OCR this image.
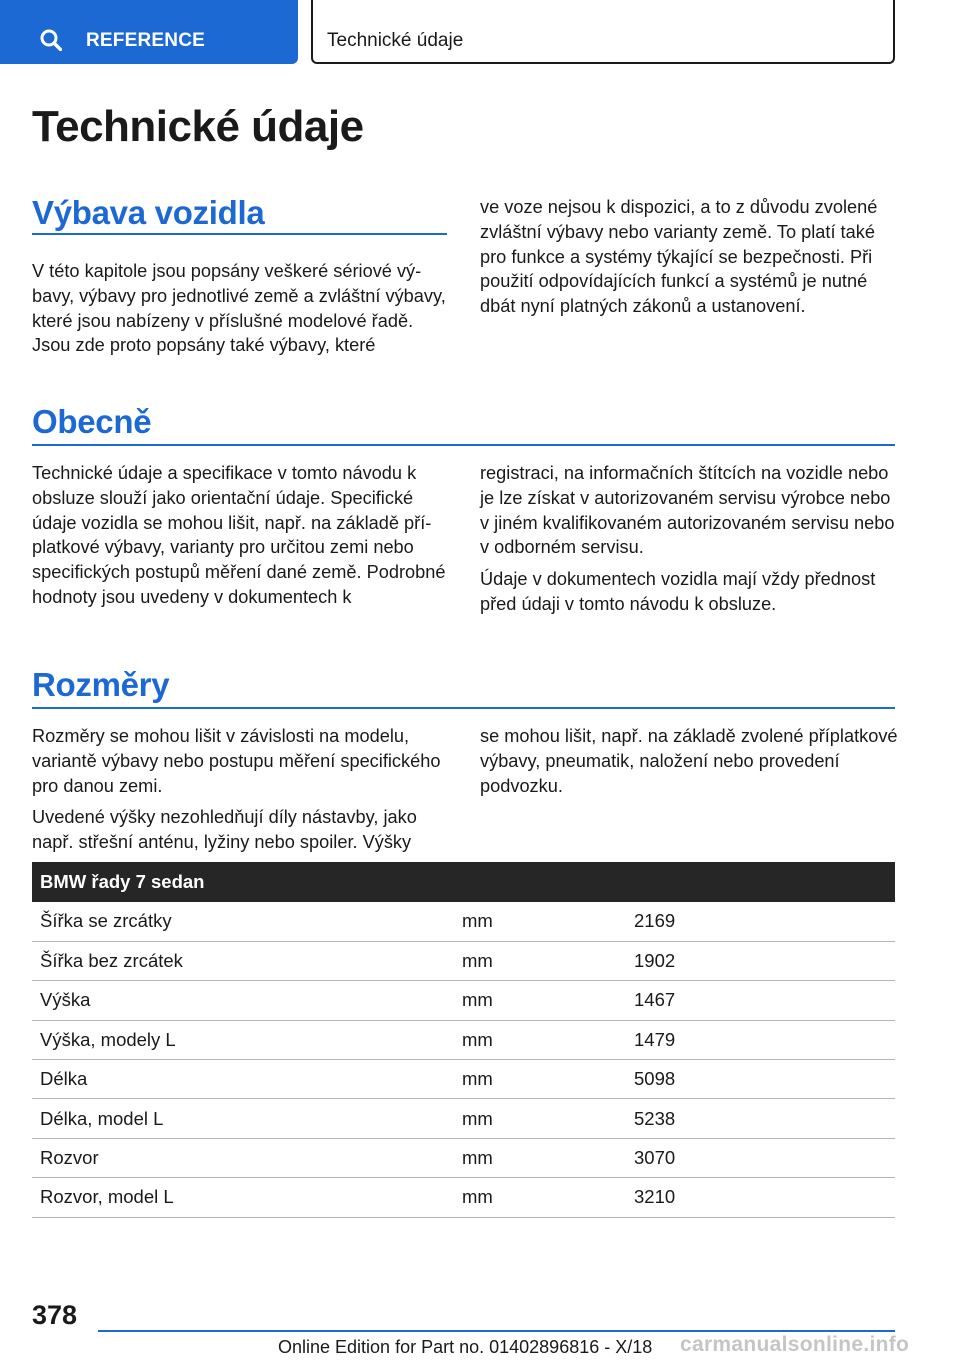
REFERENCE	Technické údaje
Technické údaje
Výbava vozidla

V této kapitole jsou popsány veškeré sériové výbavy, výbavy pro jednotlivé země a zvláštní výbavy, které jsou nabízeny v příslušné modelové řadě. Jsou zde proto popsány také výbavy, které

ve voze nejsou k dispozici, a to z důvodu zvolené zvláštní výbavy nebo varianty země. To platí také pro funkce a systémy týkající se bezpečnosti. Při použití odpovídajících funkcí a systémů je nutné dbát nyní platných zákonů a ustanovení.

Obecně

Technické údaje a specifikace v tomto návodu k obsluze slouží jako orientační údaje. Specifické údaje vozidla se mohou lišit, např. na základě příplatkové výbavy, varianty pro určitou zemi nebo specifických postupů měření dané země. Podrobné hodnoty jsou uvedeny v dokumentech k

registraci, na informačních štítcích na vozidle nebo je lze získat v autorizovaném servisu výrobce nebo v jiném kvalifikovaném autorizovaném servisu nebo v odborném servisu.

Údaje v dokumentech vozidla mají vždy přednost před údaji v tomto návodu k obsluze.

Rozměry

Rozměry se mohou lišit v závislosti na modelu, variantě výbavy nebo postupu měření specifického pro danou zemi.

Uvedené výšky nezohledňují díly nástavby, jako např. střešní anténu, lyžiny nebo spoiler. Výšky

se mohou lišit, např. na základě zvolené příplatkové výbavy, pneumatik, naložení nebo provedení podvozku.

BMW řady 7 sedan		
Šířka se zrcátky	mm	2169
Šířka bez zrcátek	mm	1902
Výška	mm	1467
Výška, modely L	mm	1479
Délka	mm	5098
Délka, model L	mm	5238
Rozvor	mm	3070
Rozvor, model L	mm	3210
378
Online Edition for Part no. 01402896816 - X/18 carmanualsonline.info
